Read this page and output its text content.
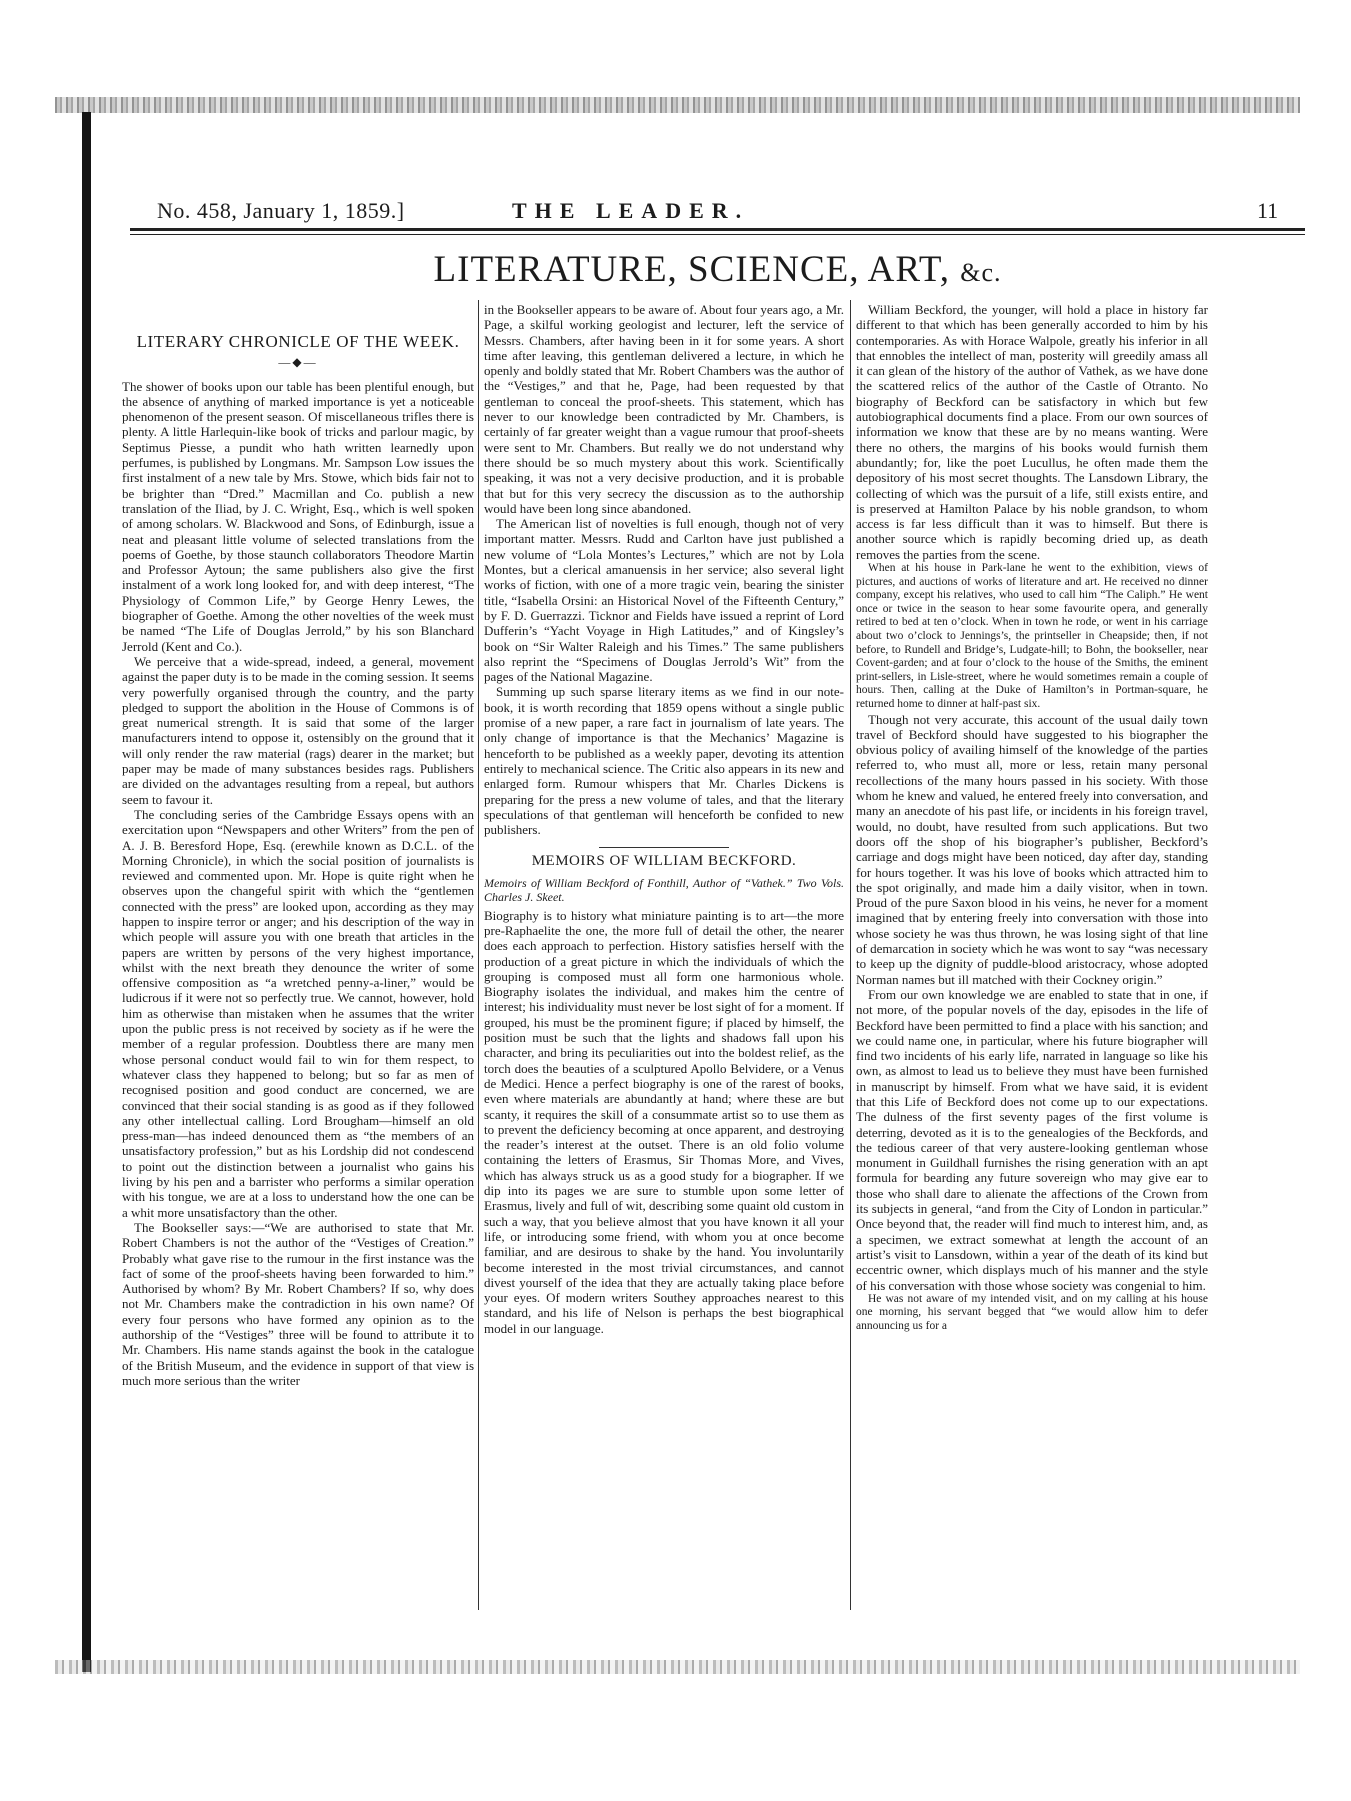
No. 458, January 1, 1859.]	THE LEADER.	11
LITERATURE, SCIENCE, ART, &c.
LITERARY CHRONICLE OF THE WEEK.
—◆—

The shower of books upon our table has been plentiful enough, but the absence of anything of marked importance is yet a noticeable phenomenon of the present season. Of miscellaneous trifles there is plenty. A little Harlequin-like book of tricks and parlour magic, by Septimus Piesse, a pundit who hath written learnedly upon perfumes, is published by Longmans. Mr. Sampson Low issues the first instalment of a new tale by Mrs. Stowe, which bids fair not to be brighter than “Dred.” Macmillan and Co. publish a new translation of the Iliad, by J. C. Wright, Esq., which is well spoken of among scholars. W. Blackwood and Sons, of Edinburgh, issue a neat and pleasant little volume of selected translations from the poems of Goethe, by those staunch collaborators Theodore Martin and Professor Aytoun; the same publishers also give the first instalment of a work long looked for, and with deep interest, “The Physiology of Common Life,” by George Henry Lewes, the biographer of Goethe. Among the other novelties of the week must be named “The Life of Douglas Jerrold,” by his son Blanchard Jerrold (Kent and Co.).

We perceive that a wide-spread, indeed, a general, movement against the paper duty is to be made in the coming session. It seems very powerfully organised through the country, and the party pledged to support the abolition in the House of Commons is of great numerical strength. It is said that some of the larger manufacturers intend to oppose it, ostensibly on the ground that it will only render the raw material (rags) dearer in the market; but paper may be made of many substances besides rags. Publishers are divided on the advantages resulting from a repeal, but authors seem to favour it.

The concluding series of the Cambridge Essays opens with an exercitation upon “Newspapers and other Writers” from the pen of A. J. B. Beresford Hope, Esq. (erewhile known as D.C.L. of the Morning Chronicle), in which the social position of journalists is reviewed and commented upon. Mr. Hope is quite right when he observes upon the changeful spirit with which the “gentlemen connected with the press” are looked upon, according as they may happen to inspire terror or anger; and his description of the way in which people will assure you with one breath that articles in the papers are written by persons of the very highest importance, whilst with the next breath they denounce the writer of some offensive composition as “a wretched penny-a-liner,” would be ludicrous if it were not so perfectly true. We cannot, however, hold him as otherwise than mistaken when he assumes that the writer upon the public press is not received by society as if he were the member of a regular profession. Doubtless there are many men whose personal conduct would fail to win for them respect, to whatever class they happened to belong; but so far as men of recognised position and good conduct are concerned, we are convinced that their social standing is as good as if they followed any other intellectual calling. Lord Brougham—himself an old press-man—has indeed denounced them as “the members of an unsatisfactory profession,” but as his Lordship did not condescend to point out the distinction between a journalist who gains his living by his pen and a barrister who performs a similar operation with his tongue, we are at a loss to understand how the one can be a whit more unsatisfactory than the other.

The Bookseller says:—“We are authorised to state that Mr. Robert Chambers is not the author of the “Vestiges of Creation.” Probably what gave rise to the rumour in the first instance was the fact of some of the proof-sheets having been forwarded to him.” Authorised by whom? By Mr. Robert Chambers? If so, why does not Mr. Chambers make the contradiction in his own name? Of every four persons who have formed any opinion as to the authorship of the “Vestiges” three will be found to attribute it to Mr. Chambers. His name stands against the book in the catalogue of the British Museum, and the evidence in support of that view is much more serious than the writer

in the Bookseller appears to be aware of. About four years ago, a Mr. Page, a skilful working geologist and lecturer, left the service of Messrs. Chambers, after having been in it for some years. A short time after leaving, this gentleman delivered a lecture, in which he openly and boldly stated that Mr. Robert Chambers was the author of the “Vestiges,” and that he, Page, had been requested by that gentleman to conceal the proof-sheets. This statement, which has never to our knowledge been contradicted by Mr. Chambers, is certainly of far greater weight than a vague rumour that proof-sheets were sent to Mr. Chambers. But really we do not understand why there should be so much mystery about this work. Scientifically speaking, it was not a very decisive production, and it is probable that but for this very secrecy the discussion as to the authorship would have been long since abandoned.

The American list of novelties is full enough, though not of very important matter. Messrs. Rudd and Carlton have just published a new volume of “Lola Montes’s Lectures,” which are not by Lola Montes, but a clerical amanuensis in her service; also several light works of fiction, with one of a more tragic vein, bearing the sinister title, “Isabella Orsini: an Historical Novel of the Fifteenth Century,” by F. D. Guerrazzi. Ticknor and Fields have issued a reprint of Lord Dufferin’s “Yacht Voyage in High Latitudes,” and of Kingsley’s book on “Sir Walter Raleigh and his Times.” The same publishers also reprint the “Specimens of Douglas Jerrold’s Wit” from the pages of the National Magazine.

Summing up such sparse literary items as we find in our note-book, it is worth recording that 1859 opens without a single public promise of a new paper, a rare fact in journalism of late years. The only change of importance is that the Mechanics’ Magazine is henceforth to be published as a weekly paper, devoting its attention entirely to mechanical science. The Critic also appears in its new and enlarged form. Rumour whispers that Mr. Charles Dickens is preparing for the press a new volume of tales, and that the literary speculations of that gentleman will henceforth be confided to new publishers.

MEMOIRS OF WILLIAM BECKFORD.

Memoirs of William Beckford of Fonthill, Author of “Vathek.” Two Vols. Charles J. Skeet.

Biography is to history what miniature painting is to art—the more pre-Raphaelite the one, the more full of detail the other, the nearer does each approach to perfection. History satisfies herself with the production of a great picture in which the individuals of which the grouping is composed must all form one harmonious whole. Biography isolates the individual, and makes him the centre of interest; his individuality must never be lost sight of for a moment. If grouped, his must be the prominent figure; if placed by himself, the position must be such that the lights and shadows fall upon his character, and bring its peculiarities out into the boldest relief, as the torch does the beauties of a sculptured Apollo Belvidere, or a Venus de Medici. Hence a perfect biography is one of the rarest of books, even where materials are abundantly at hand; where these are but scanty, it requires the skill of a consummate artist so to use them as to prevent the deficiency becoming at once apparent, and destroying the reader’s interest at the outset. There is an old folio volume containing the letters of Erasmus, Sir Thomas More, and Vives, which has always struck us as a good study for a biographer. If we dip into its pages we are sure to stumble upon some letter of Erasmus, lively and full of wit, describing some quaint old custom in such a way, that you believe almost that you have known it all your life, or introducing some friend, with whom you at once become familiar, and are desirous to shake by the hand. You involuntarily become interested in the most trivial circumstances, and cannot divest yourself of the idea that they are actually taking place before your eyes. Of modern writers Southey approaches nearest to this standard, and his life of Nelson is perhaps the best biographical model in our language.

William Beckford, the younger, will hold a place in history far different to that which has been generally accorded to him by his contemporaries. As with Horace Walpole, greatly his inferior in all that ennobles the intellect of man, posterity will greedily amass all it can glean of the history of the author of Vathek, as we have done the scattered relics of the author of the Castle of Otranto. No biography of Beckford can be satisfactory in which but few autobiographical documents find a place. From our own sources of information we know that these are by no means wanting. Were there no others, the margins of his books would furnish them abundantly; for, like the poet Lucullus, he often made them the depository of his most secret thoughts. The Lansdown Library, the collecting of which was the pursuit of a life, still exists entire, and is preserved at Hamilton Palace by his noble grandson, to whom access is far less difficult than it was to himself. But there is another source which is rapidly becoming dried up, as death removes the parties from the scene.

When at his house in Park-lane he went to the exhibition, views of pictures, and auctions of works of literature and art. He received no dinner company, except his relatives, who used to call him “The Caliph.” He went once or twice in the season to hear some favourite opera, and generally retired to bed at ten o’clock. When in town he rode, or went in his carriage about two o’clock to Jennings’s, the printseller in Cheapside; then, if not before, to Rundell and Bridge’s, Ludgate-hill; to Bohn, the bookseller, near Covent-garden; and at four o’clock to the house of the Smiths, the eminent print-sellers, in Lisle-street, where he would sometimes remain a couple of hours. Then, calling at the Duke of Hamilton’s in Portman-square, he returned home to dinner at half-past six.

Though not very accurate, this account of the usual daily town travel of Beckford should have suggested to his biographer the obvious policy of availing himself of the knowledge of the parties referred to, who must all, more or less, retain many personal recollections of the many hours passed in his society. With those whom he knew and valued, he entered freely into conversation, and many an anecdote of his past life, or incidents in his foreign travel, would, no doubt, have resulted from such applications. But two doors off the shop of his biographer’s publisher, Beckford’s carriage and dogs might have been noticed, day after day, standing for hours together. It was his love of books which attracted him to the spot originally, and made him a daily visitor, when in town. Proud of the pure Saxon blood in his veins, he never for a moment imagined that by entering freely into conversation with those into whose society he was thus thrown, he was losing sight of that line of demarcation in society which he was wont to say “was necessary to keep up the dignity of puddle-blood aristocracy, whose adopted Norman names but ill matched with their Cockney origin.”

From our own knowledge we are enabled to state that in one, if not more, of the popular novels of the day, episodes in the life of Beckford have been permitted to find a place with his sanction; and we could name one, in particular, where his future biographer will find two incidents of his early life, narrated in language so like his own, as almost to lead us to believe they must have been furnished in manuscript by himself. From what we have said, it is evident that this Life of Beckford does not come up to our expectations. The dulness of the first seventy pages of the first volume is deterring, devoted as it is to the genealogies of the Beckfords, and the tedious career of that very austere-looking gentleman whose monument in Guildhall furnishes the rising generation with an apt formula for bearding any future sovereign who may give ear to those who shall dare to alienate the affections of the Crown from its subjects in general, “and from the City of London in particular.” Once beyond that, the reader will find much to interest him, and, as a specimen, we extract somewhat at length the account of an artist’s visit to Lansdown, within a year of the death of its kind but eccentric owner, which displays much of his manner and the style of his conversation with those whose society was congenial to him.

He was not aware of my intended visit, and on my calling at his house one morning, his servant begged that “we would allow him to defer announcing us for a
